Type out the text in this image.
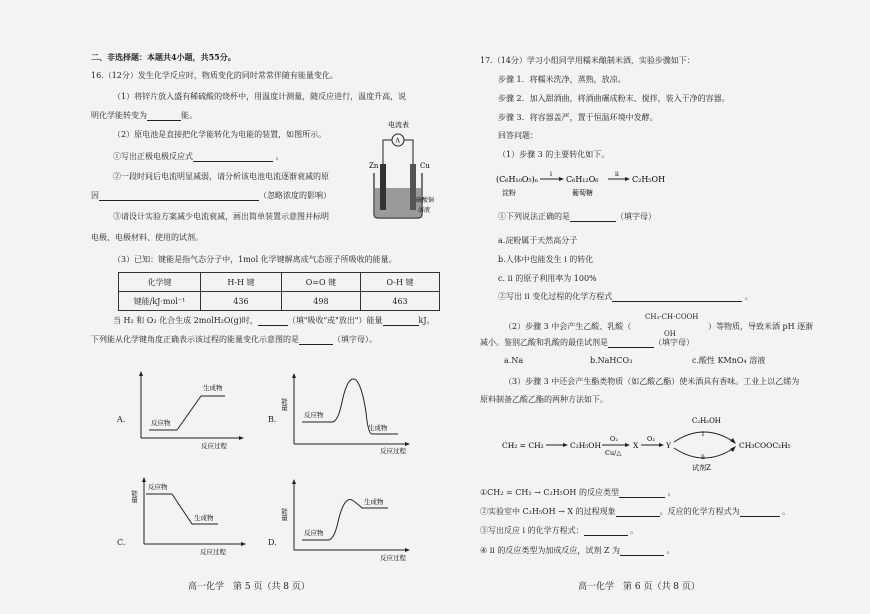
二、非选择题：本题共4小题，共55分。
16.（12分）发生化学反应时，物质变化的同时常常伴随有能量变化。
（1）将锌片放入盛有稀硫酸的烧杯中，用温度计测量，随反应进行，温度升高，说
明化学能转变为	能。
（2）原电池是直接把化学能转化为电能的装置，如图所示。
①写出正极电极反应式	。
②一段时间后电流明显减弱，请分析该电池电流逐渐衰减的原
因	（忽略浓度的影响）
③请设计实验方案减少电流衰减，画出简单装置示意图并标明
电极、电极材料、使用的试剂。
电流表
A
Zn	Cu
硫酸铜
溶液
（3）已知：键能是指气态分子中，1mol 化学键解离成气态原子所吸收的能量。
化学键	H-H 键	O=O 键	O-H 键
键能/kJ·mol⁻¹	436	498	463
当 H₂ 和 O₂ 化合生成 2molH₂O(g)时，	（填"吸收"或"放出"）能量	kJ。
下列能从化学键角度正确表示该过程的能量变化示意图的是	（填字母）。
A.	反应物
生成物
反应过程
B.
能量
反应物
生成物
反应过程
C.
能量
反应物
生成物
反应过程
D.
能量
反应物
生成物
反应过程
高一化学　第 5 页（共 8 页）
17.（14分）学习小组同学用糯米酿制米酒，实验步骤如下：
步骤 1．将糯米洗净，蒸熟，放凉。
步骤 2．加入甜酒曲，将酒曲碾成粉末、搅拌，装入干净的容器。
步骤 3．将容器盖严，置于恒温环境中发酵。
回答问题：
（1）步骤 3 的主要转化如下。
(C₆H₁₀O₅)ₙ
淀粉
i
C₆H₁₂O₆
葡萄糖
ii
C₂H₅OH
①下列说法正确的是	（填字母）
a.淀粉属于天然高分子
b.人体中也能发生 i 的转化
c. ii 的原子利用率为 100%
②写出 ii 变化过程的化学方程式	。
CH₃-CH-COOH
OH
（2）步骤 3 中会产生乙酸、乳酸（	）等物质，导致米酒 pH 逐渐
减小。鉴别乙酸和乳酸的最佳试剂是	（填字母）
a.Na	b.NaHCO₃	c.酸性 KMnO₄ 溶液
（3）步骤 3 中还会产生酯类物质（如乙酸乙酯）使米酒具有香味。工业上以乙烯为
原料制备乙酸乙酯的两种方法如下。
CH₂ = CH₂	C₂H₅OH
O₂
Cu/△
X
O₂
Y
C₂H₅OH
i
ii
试剂Z
CH₃COOC₂H₅
①CH₂ = CH₂ → C₂H₅OH 的反应类型	。
②实验室中 C₂H₅OH → X 的过程现象	。反应的化学方程式为	。
③写出反应 i 的化学方程式：	。
④ ii 的反应类型为加成反应，试剂 Z 为	。
高一化学　第 6 页（共 8 页）
